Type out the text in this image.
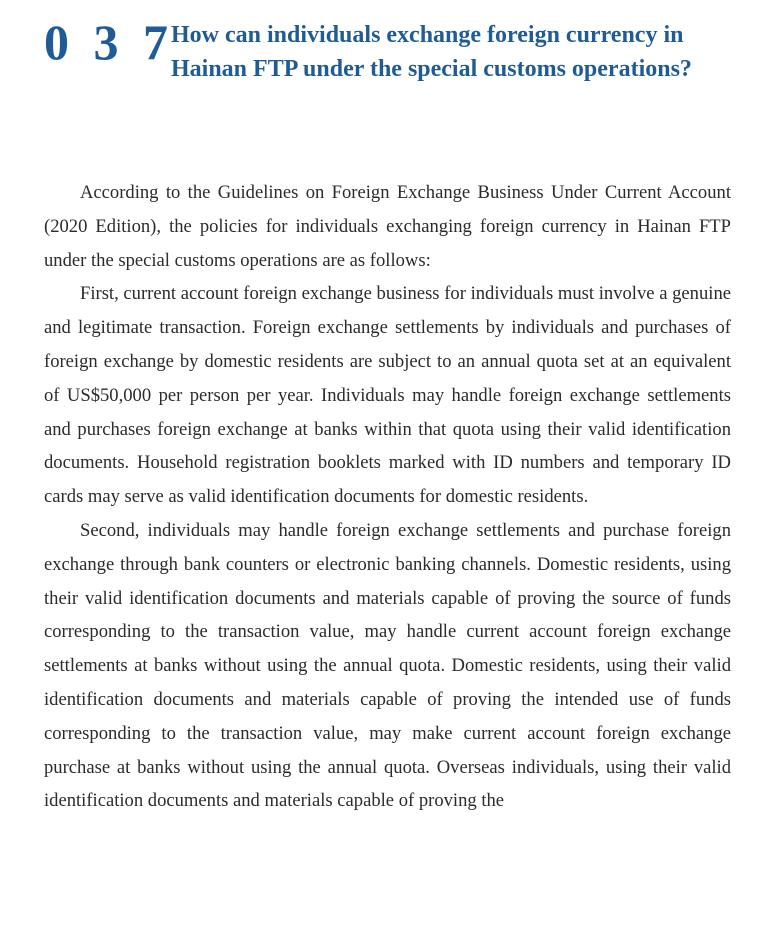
0 3 7
How can individuals exchange foreign currency in Hainan FTP under the special customs operations?

According to the Guidelines on Foreign Exchange Business Under Current Account (2020 Edition), the policies for individuals exchanging foreign currency in Hainan FTP under the special customs operations are as follows:

First, current account foreign exchange business for individuals must involve a genuine and legitimate transaction. Foreign exchange settlements by individuals and purchases of foreign exchange by domestic residents are subject to an annual quota set at an equivalent of US$50,000 per person per year. Individuals may handle foreign exchange settlements and purchases foreign exchange at banks within that quota using their valid identification documents. Household registration booklets marked with ID numbers and temporary ID cards may serve as valid identification documents for domestic residents.

Second, individuals may handle foreign exchange settlements and purchase foreign exchange through bank counters or electronic banking channels. Domestic residents, using their valid identification documents and materials capable of proving the source of funds corresponding to the transaction value, may handle current account foreign exchange settlements at banks without using the annual quota. Domestic residents, using their valid identification documents and materials capable of proving the intended use of funds corresponding to the transaction value, may make current account foreign exchange purchase at banks without using the annual quota. Overseas individuals, using their valid identification documents and materials capable of proving the
